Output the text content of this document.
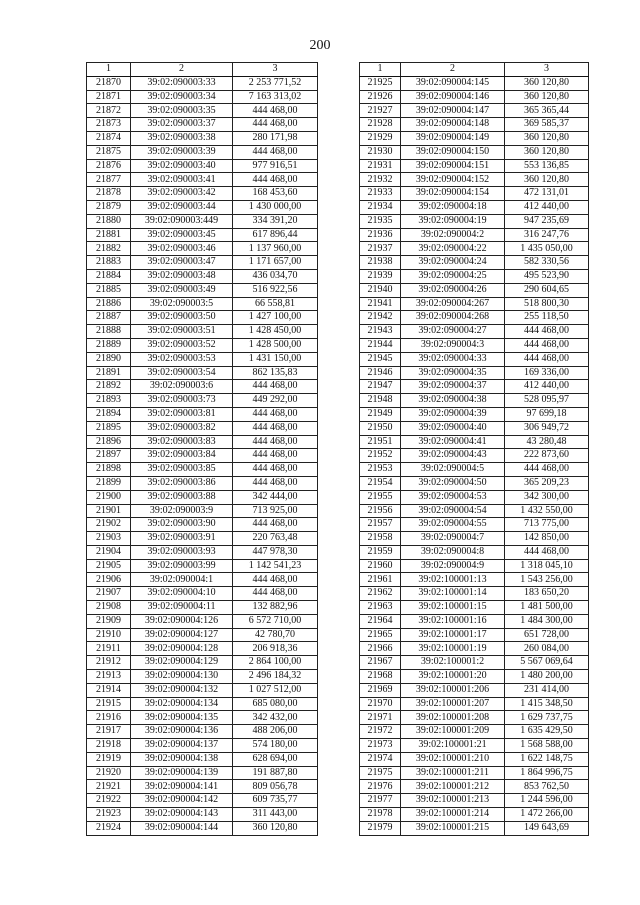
200
1	2	3
21870	39:02:090003:33	2 253 771,52
21871	39:02:090003:34	7 163 313,02
21872	39:02:090003:35	444 468,00
21873	39:02:090003:37	444 468,00
21874	39:02:090003:38	280 171,98
21875	39:02:090003:39	444 468,00
21876	39:02:090003:40	977 916,51
21877	39:02:090003:41	444 468,00
21878	39:02:090003:42	168 453,60
21879	39:02:090003:44	1 430 000,00
21880	39:02:090003:449	334 391,20
21881	39:02:090003:45	617 896,44
21882	39:02:090003:46	1 137 960,00
21883	39:02:090003:47	1 171 657,00
21884	39:02:090003:48	436 034,70
21885	39:02:090003:49	516 922,56
21886	39:02:090003:5	66 558,81
21887	39:02:090003:50	1 427 100,00
21888	39:02:090003:51	1 428 450,00
21889	39:02:090003:52	1 428 500,00
21890	39:02:090003:53	1 431 150,00
21891	39:02:090003:54	862 135,83
21892	39:02:090003:6	444 468,00
21893	39:02:090003:73	449 292,00
21894	39:02:090003:81	444 468,00
21895	39:02:090003:82	444 468,00
21896	39:02:090003:83	444 468,00
21897	39:02:090003:84	444 468,00
21898	39:02:090003:85	444 468,00
21899	39:02:090003:86	444 468,00
21900	39:02:090003:88	342 444,00
21901	39:02:090003:9	713 925,00
21902	39:02:090003:90	444 468,00
21903	39:02:090003:91	220 763,48
21904	39:02:090003:93	447 978,30
21905	39:02:090003:99	1 142 541,23
21906	39:02:090004:1	444 468,00
21907	39:02:090004:10	444 468,00
21908	39:02:090004:11	132 882,96
21909	39:02:090004:126	6 572 710,00
21910	39:02:090004:127	42 780,70
21911	39:02:090004:128	206 918,36
21912	39:02:090004:129	2 864 100,00
21913	39:02:090004:130	2 496 184,32
21914	39:02:090004:132	1 027 512,00
21915	39:02:090004:134	685 080,00
21916	39:02:090004:135	342 432,00
21917	39:02:090004:136	488 206,00
21918	39:02:090004:137	574 180,00
21919	39:02:090004:138	628 694,00
21920	39:02:090004:139	191 887,80
21921	39:02:090004:141	809 056,78
21922	39:02:090004:142	609 735,77
21923	39:02:090004:143	311 443,00
21924	39:02:090004:144	360 120,80
1	2	3
21925	39:02:090004:145	360 120,80
21926	39:02:090004:146	360 120,80
21927	39:02:090004:147	365 365,44
21928	39:02:090004:148	369 585,37
21929	39:02:090004:149	360 120,80
21930	39:02:090004:150	360 120,80
21931	39:02:090004:151	553 136,85
21932	39:02:090004:152	360 120,80
21933	39:02:090004:154	472 131,01
21934	39:02:090004:18	412 440,00
21935	39:02:090004:19	947 235,69
21936	39:02:090004:2	316 247,76
21937	39:02:090004:22	1 435 050,00
21938	39:02:090004:24	582 330,56
21939	39:02:090004:25	495 523,90
21940	39:02:090004:26	290 604,65
21941	39:02:090004:267	518 800,30
21942	39:02:090004:268	255 118,50
21943	39:02:090004:27	444 468,00
21944	39:02:090004:3	444 468,00
21945	39:02:090004:33	444 468,00
21946	39:02:090004:35	169 336,00
21947	39:02:090004:37	412 440,00
21948	39:02:090004:38	528 095,97
21949	39:02:090004:39	97 699,18
21950	39:02:090004:40	306 949,72
21951	39:02:090004:41	43 280,48
21952	39:02:090004:43	222 873,60
21953	39:02:090004:5	444 468,00
21954	39:02:090004:50	365 209,23
21955	39:02:090004:53	342 300,00
21956	39:02:090004:54	1 432 550,00
21957	39:02:090004:55	713 775,00
21958	39:02:090004:7	142 850,00
21959	39:02:090004:8	444 468,00
21960	39:02:090004:9	1 318 045,10
21961	39:02:100001:13	1 543 256,00
21962	39:02:100001:14	183 650,20
21963	39:02:100001:15	1 481 500,00
21964	39:02:100001:16	1 484 300,00
21965	39:02:100001:17	651 728,00
21966	39:02:100001:19	260 084,00
21967	39:02:100001:2	5 567 069,64
21968	39:02:100001:20	1 480 200,00
21969	39:02:100001:206	231 414,00
21970	39:02:100001:207	1 415 348,50
21971	39:02:100001:208	1 629 737,75
21972	39:02:100001:209	1 635 429,50
21973	39:02:100001:21	1 568 588,00
21974	39:02:100001:210	1 622 148,75
21975	39:02:100001:211	1 864 996,75
21976	39:02:100001:212	853 762,50
21977	39:02:100001:213	1 244 596,00
21978	39:02:100001:214	1 472 266,00
21979	39:02:100001:215	149 643,69
